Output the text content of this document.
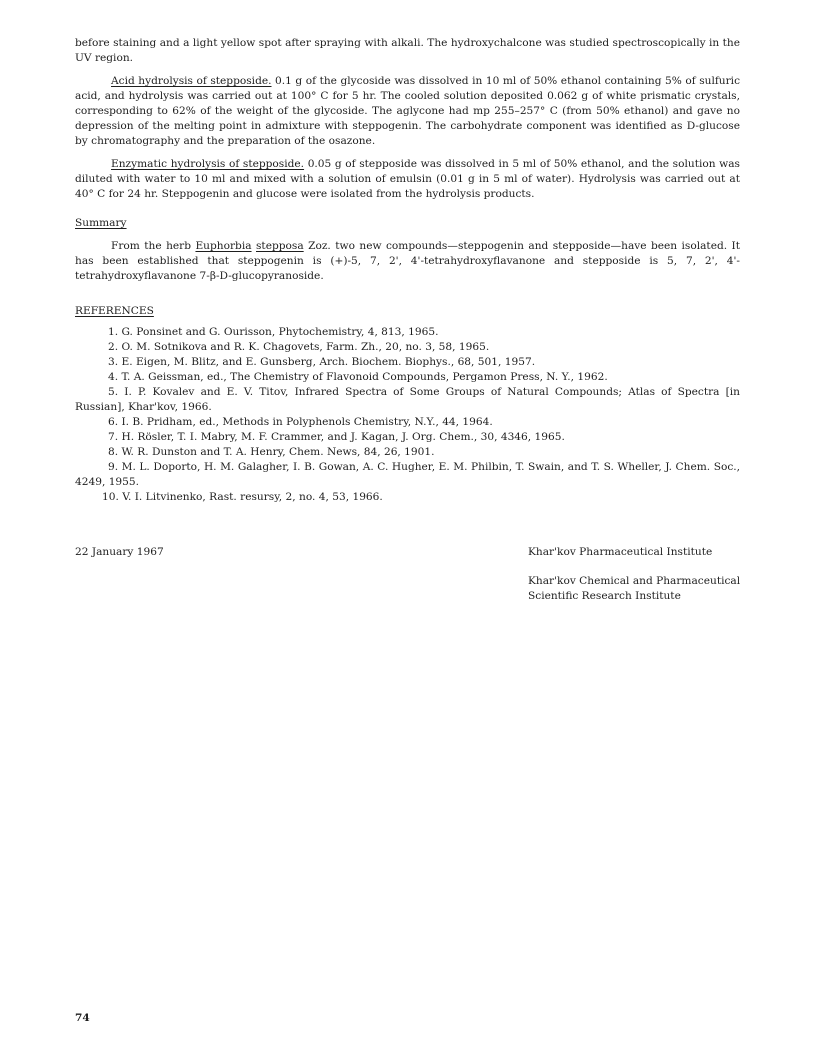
before staining and a light yellow spot after spraying with alkali. The hydroxychalcone was studied spectroscopically in the UV region.

Acid hydrolysis of stepposide. 0.1 g of the glycoside was dissolved in 10 ml of 50% ethanol containing 5% of sulfuric acid, and hydrolysis was carried out at 100° C for 5 hr. The cooled solution deposited 0.062 g of white prismatic crystals, corresponding to 62% of the weight of the glycoside. The aglycone had mp 255–257° C (from 50% ethanol) and gave no depression of the melting point in admixture with steppogenin. The carbohydrate component was identified as D-glucose by chromatography and the preparation of the osazone.

Enzymatic hydrolysis of stepposide. 0.05 g of stepposide was dissolved in 5 ml of 50% ethanol, and the solution was diluted with water to 10 ml and mixed with a solution of emulsin (0.01 g in 5 ml of water). Hydrolysis was carried out at 40° C for 24 hr. Steppogenin and glucose were isolated from the hydrolysis products.

Summary

From the herb Euphorbia stepposa Zoz. two new compounds—steppogenin and stepposide—have been isolated. It has been established that steppogenin is (+)-5, 7, 2', 4'-tetrahydroxyflavanone and stepposide is 5, 7, 2', 4'-tetrahydroxyflavanone 7-β-D-glucopyranoside.

REFERENCES

1. G. Ponsinet and G. Ourisson, Phytochemistry, 4, 813, 1965.

2. O. M. Sotnikova and R. K. Chagovets, Farm. Zh., 20, no. 3, 58, 1965.

3. E. Eigen, M. Blitz, and E. Gunsberg, Arch. Biochem. Biophys., 68, 501, 1957.

4. T. A. Geissman, ed., The Chemistry of Flavonoid Compounds, Pergamon Press, N. Y., 1962.

5. I. P. Kovalev and E. V. Titov, Infrared Spectra of Some Groups of Natural Compounds; Atlas of Spectra [in Russian], Khar'kov, 1966.

6. I. B. Pridham, ed., Methods in Polyphenols Chemistry, N.Y., 44, 1964.

7. H. Rösler, T. I. Mabry, M. F. Crammer, and J. Kagan, J. Org. Chem., 30, 4346, 1965.

8. W. R. Dunston and T. A. Henry, Chem. News, 84, 26, 1901.

9. M. L. Doporto, H. M. Galagher, I. B. Gowan, A. C. Hugher, E. M. Philbin, T. Swain, and T. S. Wheller, J. Chem. Soc., 4249, 1955.

10. V. I. Litvinenko, Rast. resursy, 2, no. 4, 53, 1966.

22 January 1967	Khar'kov Pharmaceutical Institute
Khar'kov Chemical and Pharmaceutical
Scientific Research Institute
74
